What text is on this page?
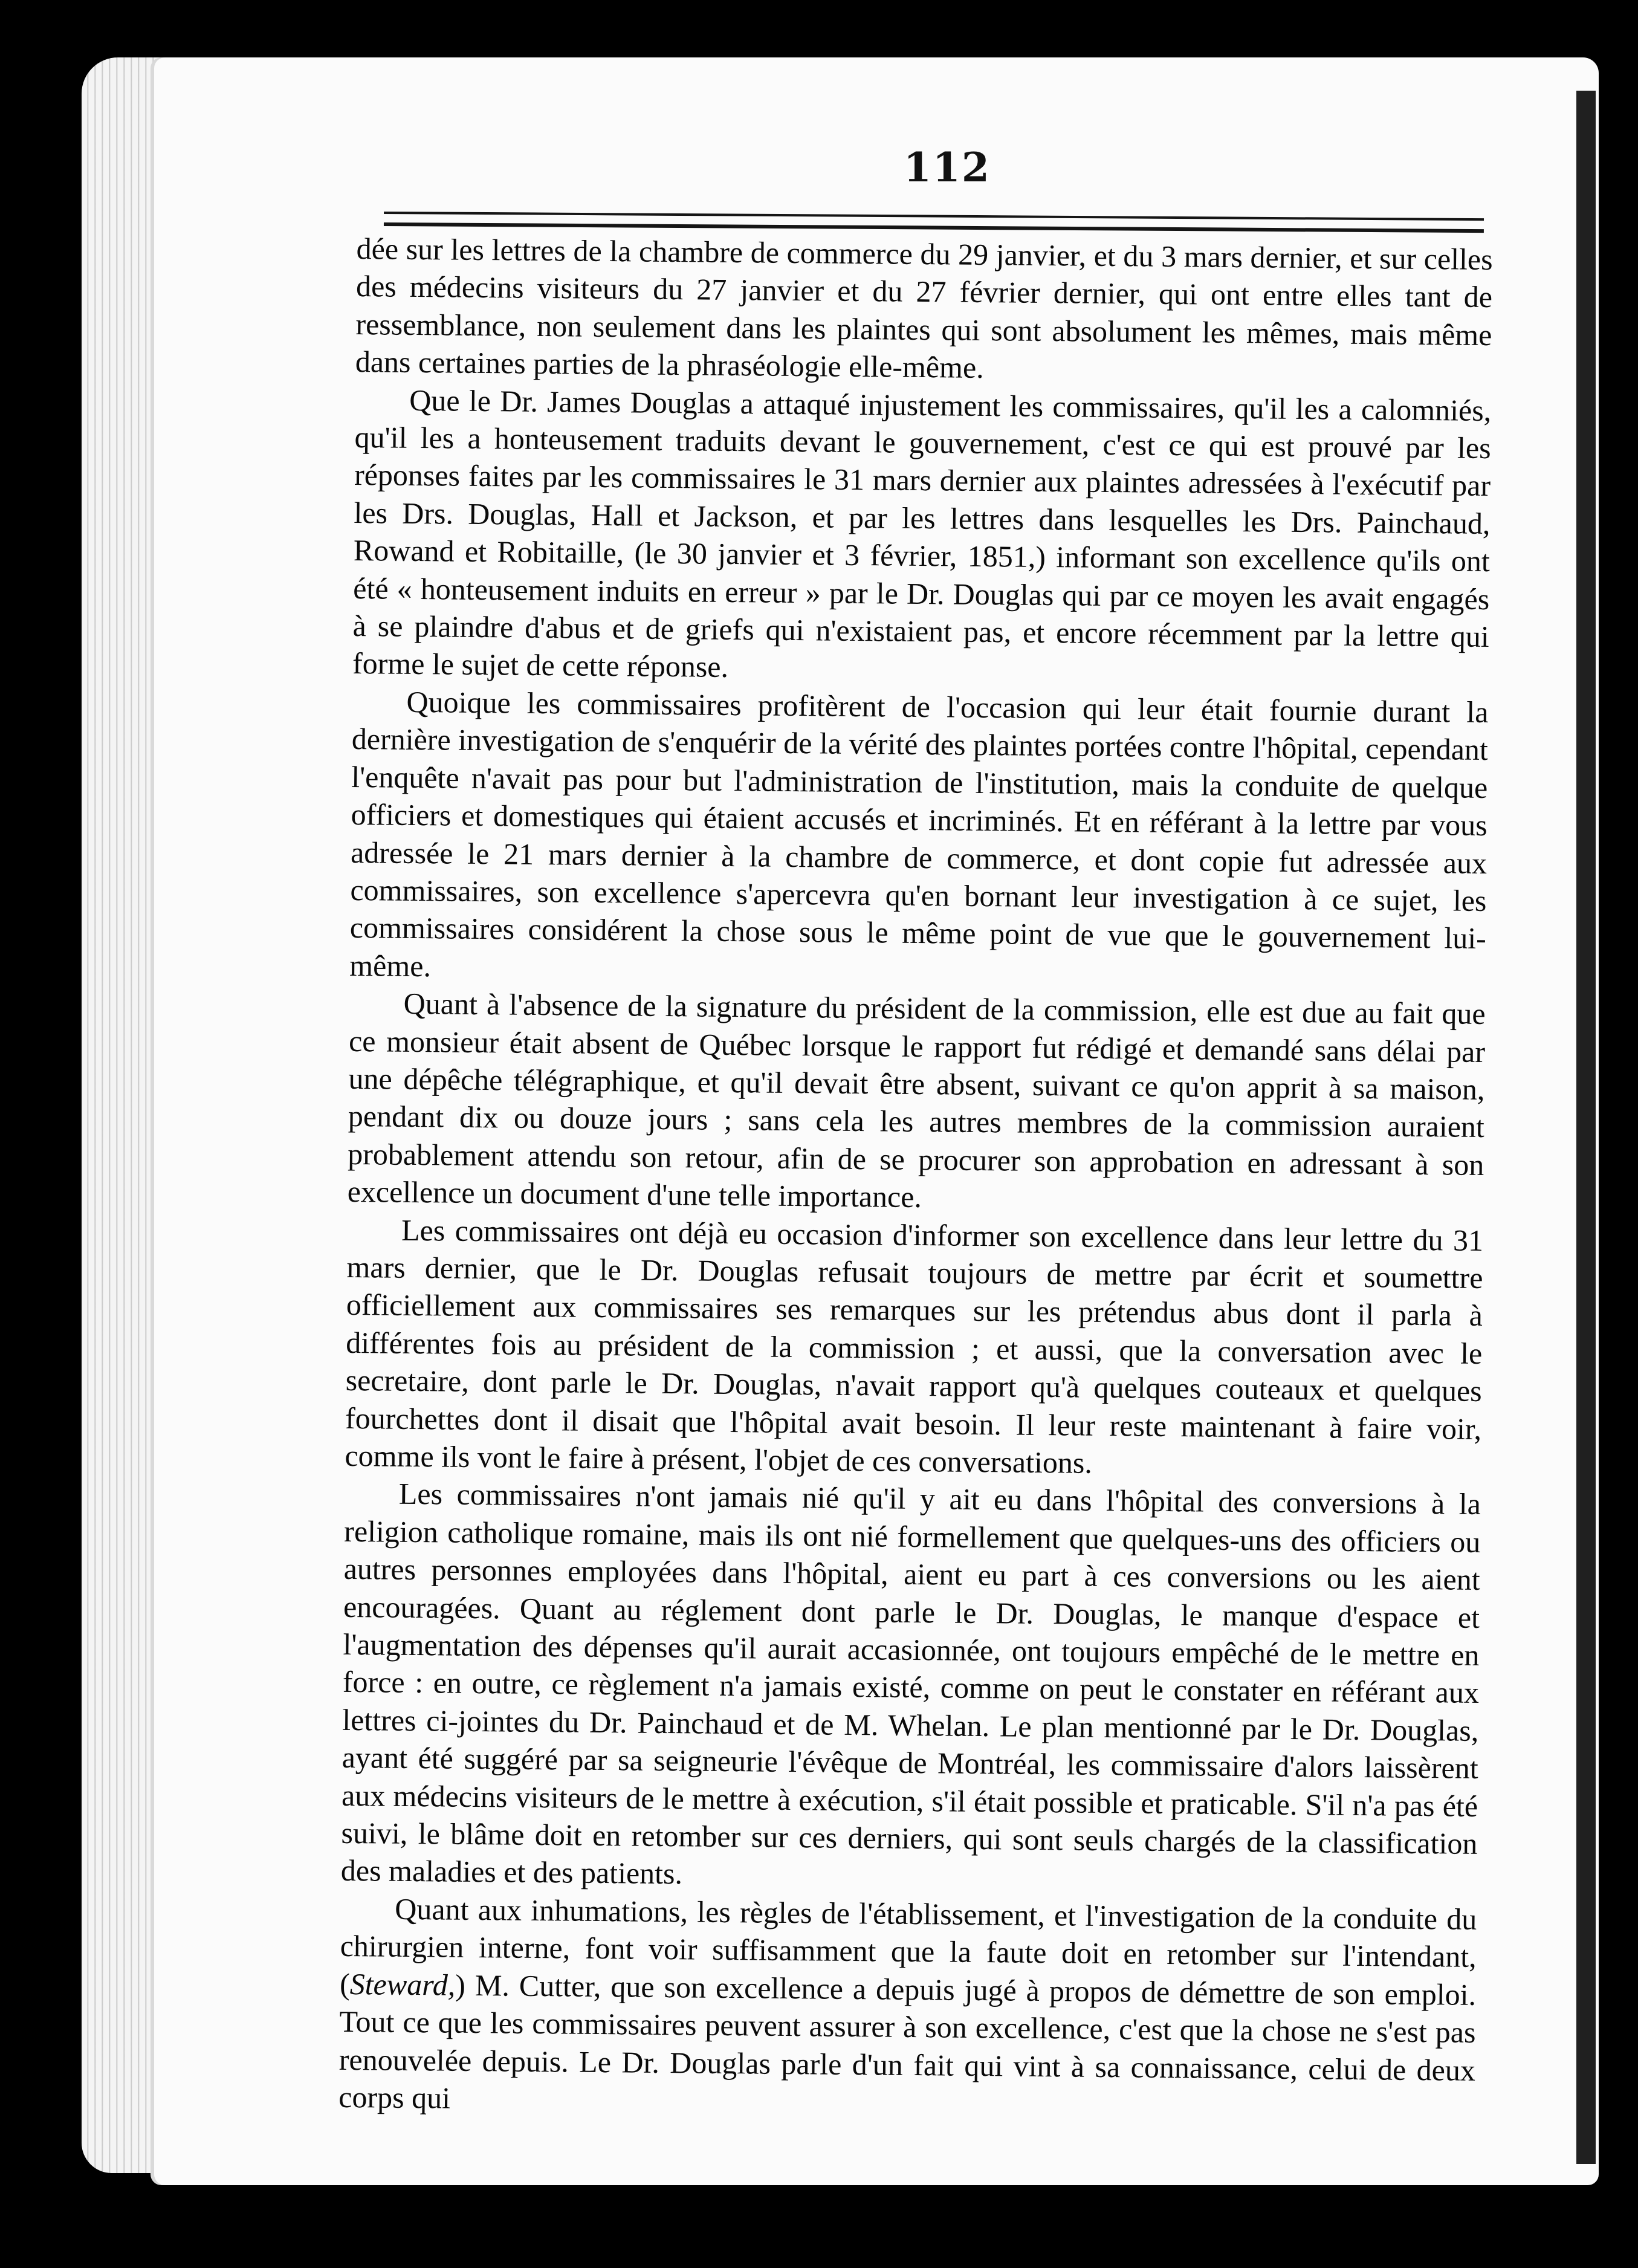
112

dée sur les lettres de la chambre de commerce du 29 janvier, et du 3 mars dernier, et sur celles des médecins visiteurs du 27 janvier et du 27 février dernier, qui ont entre elles tant de ressemblance, non seulement dans les plaintes qui sont absolument les mêmes, mais même dans certaines parties de la phraséologie elle-même.

Que le Dr. James Douglas a attaqué injustement les commissaires, qu'il les a calomniés, qu'il les a honteusement traduits devant le gouvernement, c'est ce qui est prouvé par les réponses faites par les commissaires le 31 mars dernier aux plaintes adressées à l'exécutif par les Drs. Douglas, Hall et Jackson, et par les lettres dans lesquelles les Drs. Painchaud, Rowand et Robitaille, (le 30 janvier et 3 février, 1851,) informant son excellence qu'ils ont été « honteusement induits en erreur » par le Dr. Douglas qui par ce moyen les avait engagés à se plaindre d'abus et de griefs qui n'existaient pas, et encore récemment par la lettre qui forme le sujet de cette réponse.

Quoique les commissaires profitèrent de l'occasion qui leur était fournie durant la dernière investigation de s'enquérir de la vérité des plaintes portées contre l'hôpital, cependant l'enquête n'avait pas pour but l'administration de l'institution, mais la conduite de quelque officiers et domestiques qui étaient accusés et incriminés. Et en référant à la lettre par vous adressée le 21 mars dernier à la chambre de commerce, et dont copie fut adressée aux commissaires, son excellence s'apercevra qu'en bornant leur investigation à ce sujet, les commissaires considérent la chose sous le même point de vue que le gouvernement lui-même.

Quant à l'absence de la signature du président de la commission, elle est due au fait que ce monsieur était absent de Québec lorsque le rapport fut rédigé et demandé sans délai par une dépêche télégraphique, et qu'il devait être absent, suivant ce qu'on apprit à sa maison, pendant dix ou douze jours ; sans cela les autres membres de la commission auraient probablement attendu son retour, afin de se procurer son approbation en adressant à son excellence un document d'une telle importance.

Les commissaires ont déjà eu occasion d'informer son excellence dans leur lettre du 31 mars dernier, que le Dr. Douglas refusait toujours de mettre par écrit et soumettre officiellement aux commissaires ses remarques sur les prétendus abus dont il parla à différentes fois au président de la commission ; et aussi, que la conversation avec le secretaire, dont parle le Dr. Douglas, n'avait rapport qu'à quelques couteaux et quelques fourchettes dont il disait que l'hôpital avait besoin. Il leur reste maintenant à faire voir, comme ils vont le faire à présent, l'objet de ces conversations.

Les commissaires n'ont jamais nié qu'il y ait eu dans l'hôpital des conversions à la religion catholique romaine, mais ils ont nié formellement que quelques-uns des officiers ou autres personnes employées dans l'hôpital, aient eu part à ces conversions ou les aient encouragées. Quant au réglement dont parle le Dr. Douglas, le manque d'espace et l'augmentation des dépenses qu'il aurait accasionnée, ont toujours empêché de le mettre en force : en outre, ce règlement n'a jamais existé, comme on peut le constater en référant aux lettres ci-jointes du Dr. Painchaud et de M. Whelan. Le plan mentionné par le Dr. Douglas, ayant été suggéré par sa seigneurie l'évêque de Montréal, les commissaire d'alors laissèrent aux médecins visiteurs de le mettre à exécution, s'il était possible et praticable. S'il n'a pas été suivi, le blâme doit en retomber sur ces derniers, qui sont seuls chargés de la classification des maladies et des patients.

Quant aux inhumations, les règles de l'établissement, et l'investigation de la conduite du chirurgien interne, font voir suffisamment que la faute doit en retomber sur l'intendant, (Steward,) M. Cutter, que son excellence a depuis jugé à propos de démettre de son emploi. Tout ce que les commissaires peuvent assurer à son excellence, c'est que la chose ne s'est pas renouvelée depuis. Le Dr. Douglas parle d'un fait qui vint à sa connaissance, celui de deux corps qui
